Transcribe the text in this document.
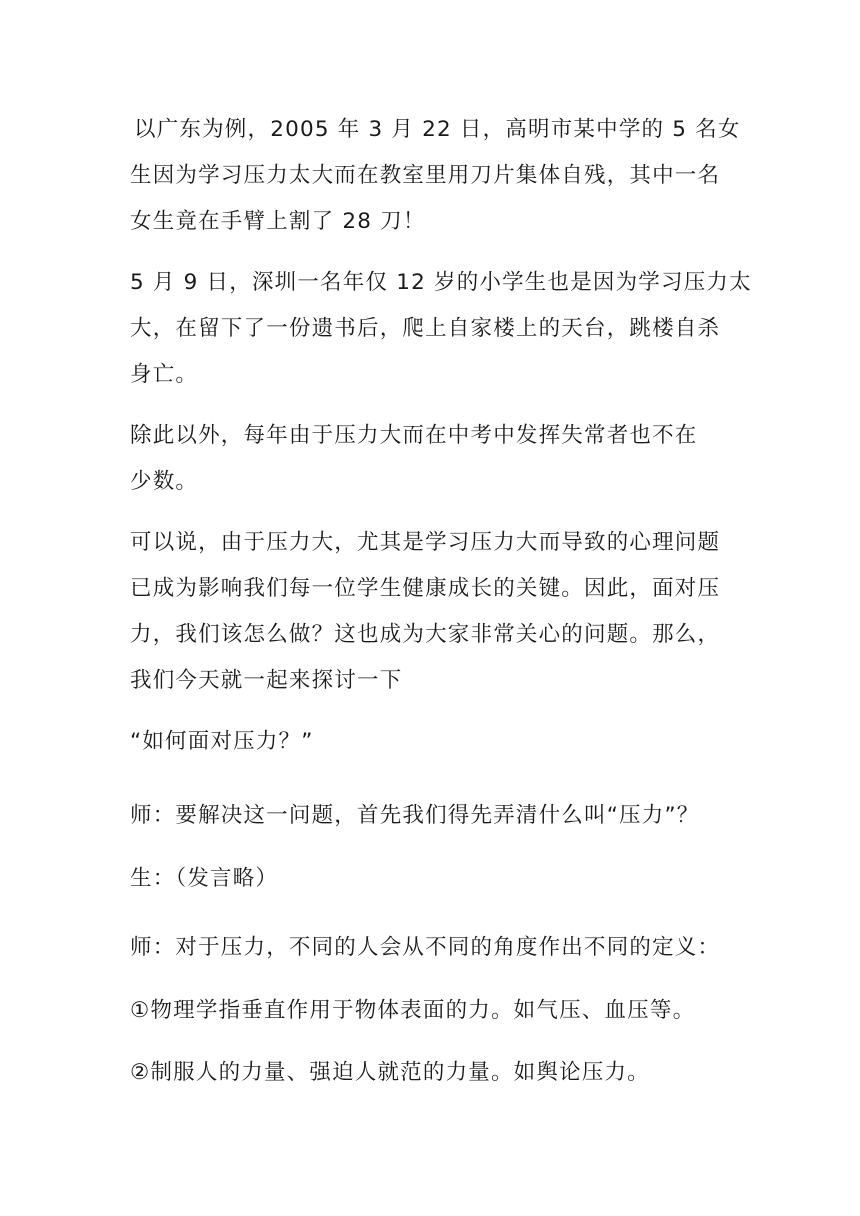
以广东为例，2005 年 3 月 22 日，高明市某中学的 5 名女
生因为学习压力太大而在教室里用刀片集体自残，其中一名
女生竟在手臂上割了 28 刀！

5 月 9 日，深圳一名年仅 12 岁的小学生也是因为学习压力太
大，在留下了一份遗书后，爬上自家楼上的天台，跳楼自杀
身亡。

除此以外，每年由于压力大而在中考中发挥失常者也不在
少数。

可以说，由于压力大，尤其是学习压力大而导致的心理问题
已成为影响我们每一位学生健康成长的关键。因此，面对压
力，我们该怎么做？这也成为大家非常关心的问题。那么，
我们今天就一起来探讨一下

“如何面对压力？”

师：要解决这一问题，首先我们得先弄清什么叫“压力”？

生：（发言略）

师：对于压力，不同的人会从不同的角度作出不同的定义：

①物理学指垂直作用于物体表面的力。如气压、血压等。

②制服人的力量、强迫人就范的力量。如舆论压力。
